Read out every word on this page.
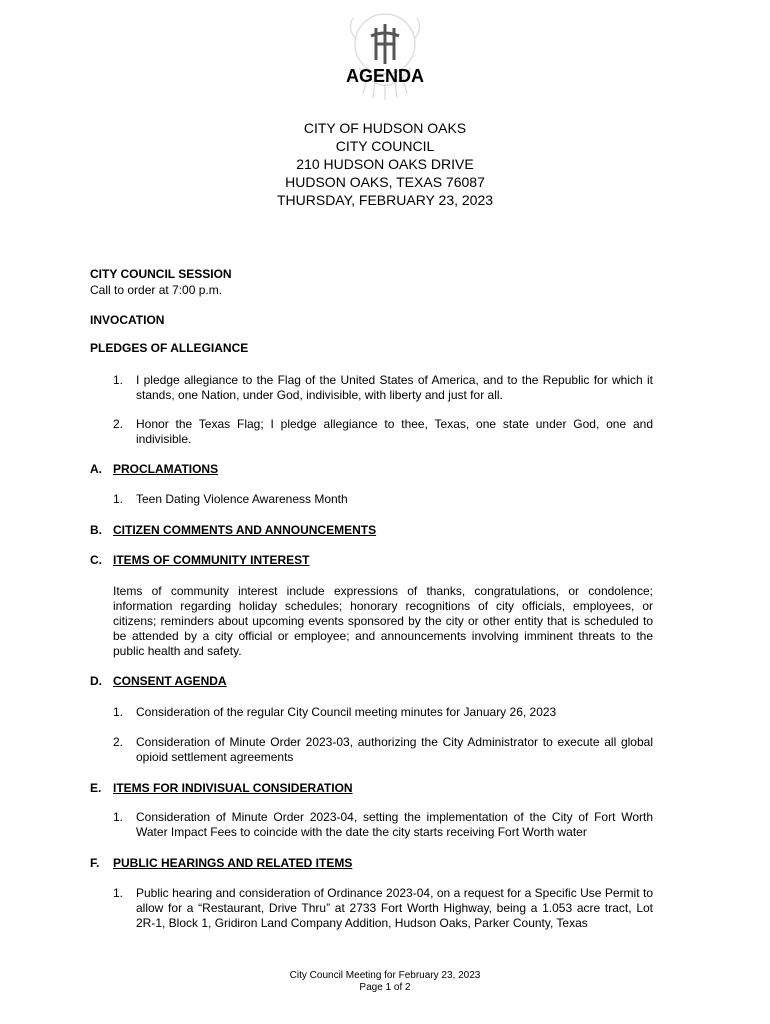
AGENDA
CITY OF HUDSON OAKS
CITY COUNCIL
210 HUDSON OAKS DRIVE
HUDSON OAKS, TEXAS 76087
THURSDAY, FEBRUARY 23, 2023
CITY COUNCIL SESSION
Call to order at 7:00 p.m.
INVOCATION
PLEDGES OF ALLEGIANCE
1. I pledge allegiance to the Flag of the United States of America, and to the Republic for which it stands, one Nation, under God, indivisible, with liberty and just for all.
2. Honor the Texas Flag; I pledge allegiance to thee, Texas, one state under God, one and indivisible.
A. PROCLAMATIONS
1. Teen Dating Violence Awareness Month
B. CITIZEN COMMENTS AND ANNOUNCEMENTS
C. ITEMS OF COMMUNITY INTEREST
Items of community interest include expressions of thanks, congratulations, or condolence; information regarding holiday schedules; honorary recognitions of city officials, employees, or citizens; reminders about upcoming events sponsored by the city or other entity that is scheduled to be attended by a city official or employee; and announcements involving imminent threats to the public health and safety.
D. CONSENT AGENDA
1. Consideration of the regular City Council meeting minutes for January 26, 2023
2. Consideration of Minute Order 2023-03, authorizing the City Administrator to execute all global opioid settlement agreements
E. ITEMS FOR INDIVISUAL CONSIDERATION
1. Consideration of Minute Order 2023-04, setting the implementation of the City of Fort Worth Water Impact Fees to coincide with the date the city starts receiving Fort Worth water
F. PUBLIC HEARINGS AND RELATED ITEMS
1. Public hearing and consideration of Ordinance 2023-04, on a request for a Specific Use Permit to allow for a “Restaurant, Drive Thru” at 2733 Fort Worth Highway, being a 1.053 acre tract, Lot 2R-1, Block 1, Gridiron Land Company Addition, Hudson Oaks, Parker County, Texas
City Council Meeting for February 23, 2023
Page 1 of 2
